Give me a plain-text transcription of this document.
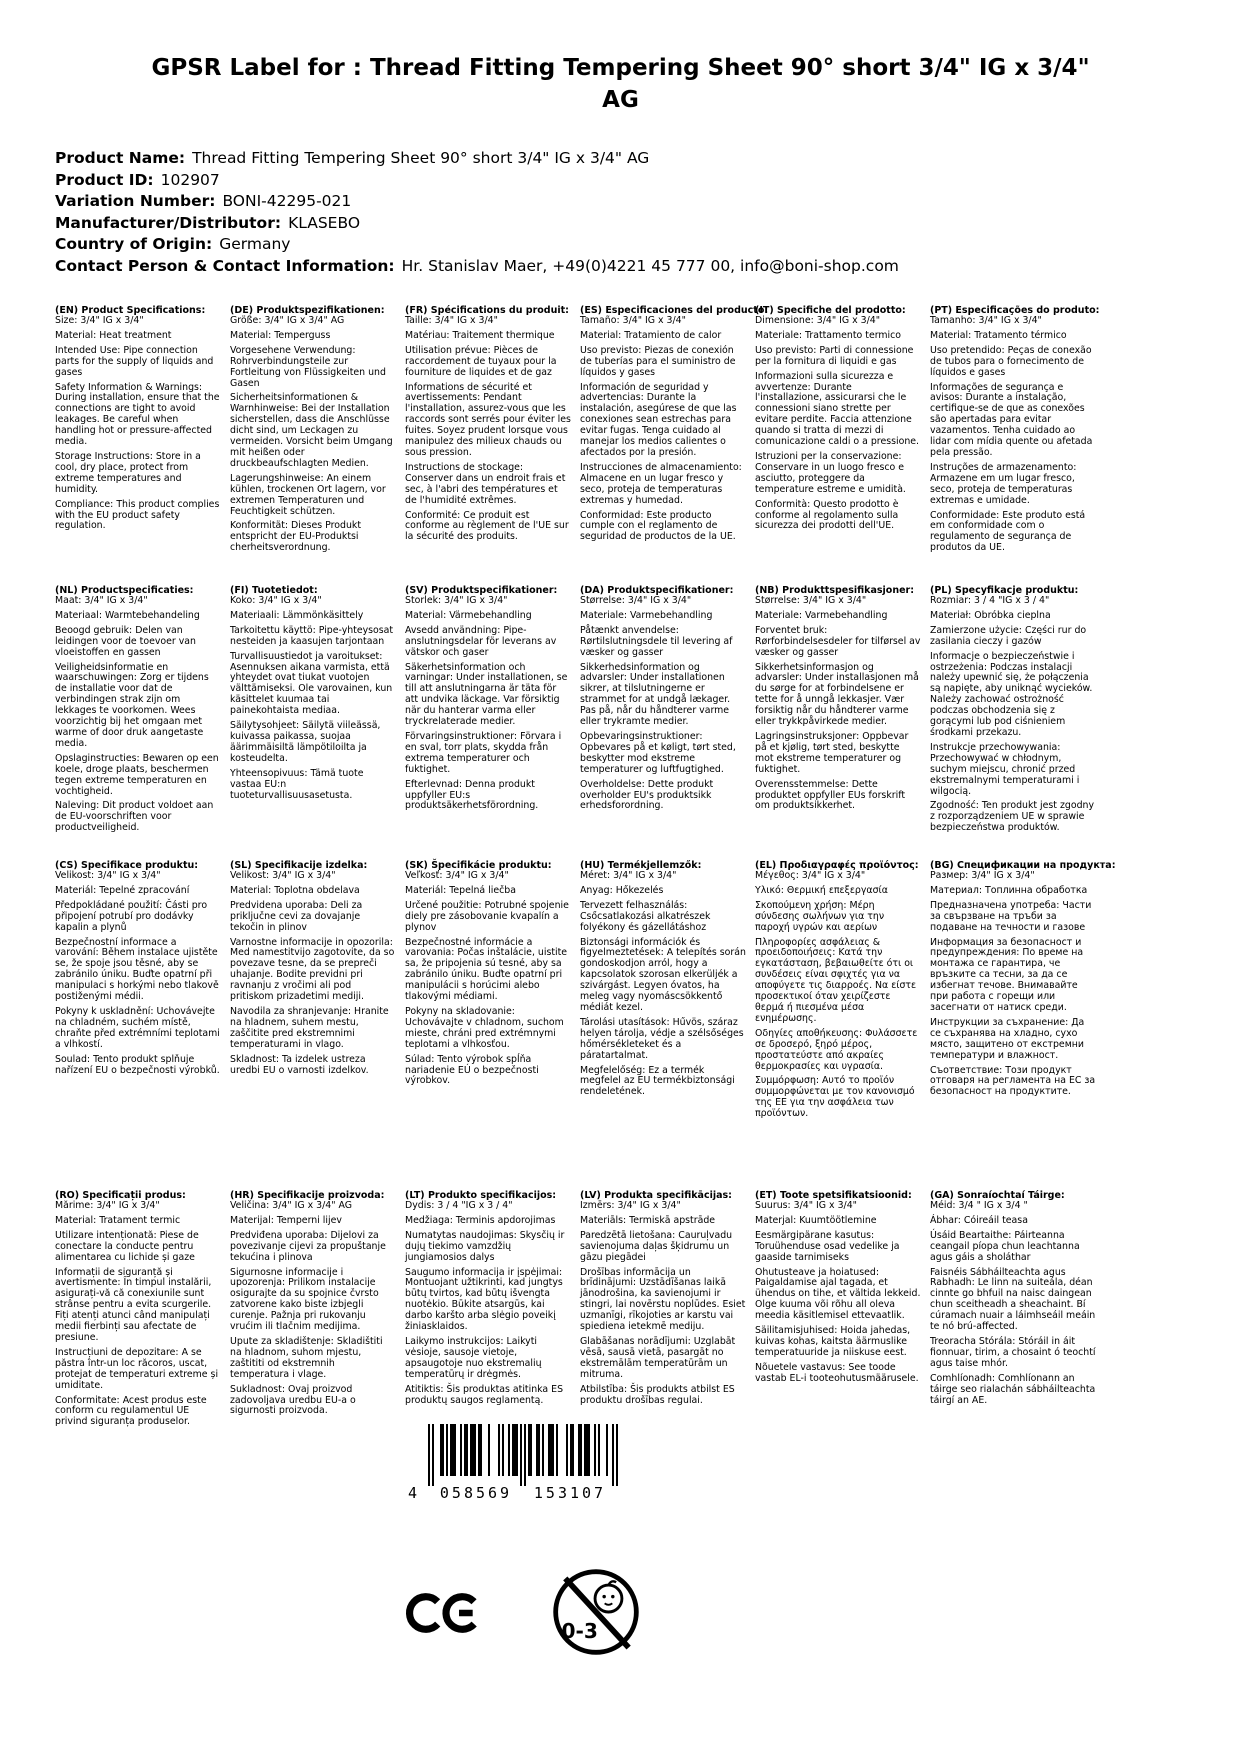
GPSR Label for : Thread Fitting Tempering Sheet 90° short 3/4" IG x 3/4" AG
Product Name: Thread Fitting Tempering Sheet 90° short 3/4" IG x 3/4" AG
Product ID: 102907
Variation Number: BONI-42295-021
Manufacturer/Distributor: KLASEBO
Country of Origin: Germany
Contact Person & Contact Information: Hr. Stanislav Maer, +49(0)4221 45 777 00, info@boni-shop.com
(EN) Product Specifications:

Size: 3/4" IG x 3/4"

Material: Heat treatment

Intended Use: Pipe connection parts for the supply of liquids and gases

Safety Information & Warnings: During installation, ensure that the connections are tight to avoid leakages. Be careful when handling hot or pressure-affected media.

Storage Instructions: Store in a cool, dry place, protect from extreme temperatures and humidity.

Compliance: This product complies with the EU product safety regulation.

(DE) Produktspezifikationen:

Größe: 3/4" IG x 3/4" AG

Material: Temperguss

Vorgesehene Verwendung: Rohrverbindungsteile zur Fortleitung von Flüssigkeiten und Gasen

Sicherheitsinformationen & Warnhinweise: Bei der Installation sicherstellen, dass die Anschlüsse dicht sind, um Leckagen zu vermeiden. Vorsicht beim Umgang mit heißen oder druckbeaufschlagten Medien.

Lagerungshinweise: An einem kühlen, trockenen Ort lagern, vor extremen Temperaturen und Feuchtigkeit schützen.

Konformität: Dieses Produkt entspricht der EU-Produktsi cherheitsverordnung.

(FR) Spécifications du produit:

Taille: 3/4" IG x 3/4"

Matériau: Traitement thermique

Utilisation prévue: Pièces de raccordement de tuyaux pour la fourniture de liquides et de gaz

Informations de sécurité et avertissements: Pendant l'installation, assurez-vous que les raccords sont serrés pour éviter les fuites. Soyez prudent lorsque vous manipulez des milieux chauds ou sous pression.

Instructions de stockage: Conserver dans un endroit frais et sec, à l'abri des températures et de l'humidité extrêmes.

Conformité: Ce produit est conforme au règlement de l'UE sur la sécurité des produits.

(ES) Especificaciones del producto:

Tamaño: 3/4" IG x 3/4"

Material: Tratamiento de calor

Uso previsto: Piezas de conexión de tuberías para el suministro de líquidos y gases

Información de seguridad y advertencias: Durante la instalación, asegúrese de que las conexiones sean estrechas para evitar fugas. Tenga cuidado al manejar los medios calientes o afectados por la presión.

Instrucciones de almacenamiento: Almacene en un lugar fresco y seco, proteja de temperaturas extremas y humedad.

Conformidad: Este producto cumple con el reglamento de seguridad de productos de la UE.

(IT) Specifiche del prodotto:

Dimensione: 3/4" IG x 3/4"

Materiale: Trattamento termico

Uso previsto: Parti di connessione per la fornitura di liquidi e gas

Informazioni sulla sicurezza e avvertenze: Durante l'installazione, assicurarsi che le connessioni siano strette per evitare perdite. Faccia attenzione quando si tratta di mezzi di comunicazione caldi o a pressione.

Istruzioni per la conservazione: Conservare in un luogo fresco e asciutto, proteggere da temperature estreme e umidità.

Conformità: Questo prodotto è conforme al regolamento sulla sicurezza dei prodotti dell'UE.

(PT) Especificações do produto:

Tamanho: 3/4" IG x 3/4"

Material: Tratamento térmico

Uso pretendido: Peças de conexão de tubos para o fornecimento de líquidos e gases

Informações de segurança e avisos: Durante a instalação, certifique-se de que as conexões são apertadas para evitar vazamentos. Tenha cuidado ao lidar com mídia quente ou afetada pela pressão.

Instruções de armazenamento: Armazene em um lugar fresco, seco, proteja de temperaturas extremas e umidade.

Conformidade: Este produto está em conformidade com o regulamento de segurança de produtos da UE.

(NL) Productspecificaties:

Maat: 3/4" IG x 3/4"

Materiaal: Warmtebehandeling

Beoogd gebruik: Delen van leidingen voor de toevoer van vloeistoffen en gassen

Veiligheidsinformatie en waarschuwingen: Zorg er tijdens de installatie voor dat de verbindingen strak zijn om lekkages te voorkomen. Wees voorzichtig bij het omgaan met warme of door druk aangetaste media.

Opslaginstructies: Bewaren op een koele, droge plaats, beschermen tegen extreme temperaturen en vochtigheid.

Naleving: Dit product voldoet aan de EU-voorschriften voor productveiligheid.

(FI) Tuotetiedot:

Koko: 3/4" IG x 3/4"

Materiaali: Lämmönkäsittely

Tarkoitettu käyttö: Pipe-yhteysosat nesteiden ja kaasujen tarjontaan

Turvallisuustiedot ja varoitukset: Asennuksen aikana varmista, että yhteydet ovat tiukat vuotojen välttämiseksi. Ole varovainen, kun käsittelet kuumaa tai painekohtaista mediaa.

Säilytysohjeet: Säilytä viileässä, kuivassa paikassa, suojaa äärimmäisiltä lämpötiloilta ja kosteudelta.

Yhteensopivuus: Tämä tuote vastaa EU:n tuoteturvallisuusasetusta.

(SV) Produktspecifikationer:

Storlek: 3/4" IG x 3/4"

Material: Värmebehandling

Avsedd användning: Pipe-anslutningsdelar för leverans av vätskor och gaser

Säkerhetsinformation och varningar: Under installationen, se till att anslutningarna är täta för att undvika läckage. Var försiktig när du hanterar varma eller tryckrelaterade medier.

Förvaringsinstruktioner: Förvara i en sval, torr plats, skydda från extrema temperaturer och fuktighet.

Efterlevnad: Denna produkt uppfyller EU:s produktsäkerhetsförordning.

(DA) Produktspecifikationer:

Størrelse: 3/4" IG x 3/4"

Materiale: Varmebehandling

Påtænkt anvendelse: Rørtilslutningsdele til levering af væsker og gasser

Sikkerhedsinformation og advarsler: Under installationen sikrer, at tilslutningerne er strammet for at undgå lækager. Pas på, når du håndterer varme eller trykramte medier.

Opbevaringsinstruktioner: Opbevares på et køligt, tørt sted, beskytter mod ekstreme temperaturer og luftfugtighed.

Overholdelse: Dette produkt overholder EU's produktsikk erhedsforordning.

(NB) Produkttspesifikasjoner:

Størrelse: 3/4" IG x 3/4"

Materiale: Varmebehandling

Forventet bruk: Rørforbindelsesdeler for tilførsel av væsker og gasser

Sikkerhetsinformasjon og advarsler: Under installasjonen må du sørge for at forbindelsene er tette for å unngå lekkasjer. Vær forsiktig når du håndterer varme eller trykkpåvirkede medier.

Lagringsinstruksjoner: Oppbevar på et kjølig, tørt sted, beskytte mot ekstreme temperaturer og fuktighet.

Overensstemmelse: Dette produktet oppfyller EUs forskrift om produktsikkerhet.

(PL) Specyfikacje produktu:

Rozmiar: 3 / 4 "IG x 3 / 4"

Materiał: Obróbka cieplna

Zamierzone użycie: Części rur do zasilania cieczy i gazów

Informacje o bezpieczeństwie i ostrzeżenia: Podczas instalacji należy upewnić się, że połączenia są napięte, aby uniknąć wycieków. Należy zachować ostrożność podczas obchodzenia się z gorącymi lub pod ciśnieniem środkami przekazu.

Instrukcje przechowywania: Przechowywać w chłodnym, suchym miejscu, chronić przed ekstremalnymi temperaturami i wilgocią.

Zgodność: Ten produkt jest zgodny z rozporządzeniem UE w sprawie bezpieczeństwa produktów.

(CS) Specifikace produktu:

Velikost: 3/4" IG x 3/4"

Materiál: Tepelné zpracování

Předpokládané použití: Části pro připojení potrubí pro dodávky kapalin a plynů

Bezpečnostní informace a varování: Během instalace ujistěte se, že spoje jsou těsné, aby se zabránilo úniku. Buďte opatrní při manipulaci s horkými nebo tlakově postiženými médii.

Pokyny k uskladnění: Uchovávejte na chladném, suchém místě, chraňte před extrémními teplotami a vlhkostí.

Soulad: Tento produkt splňuje nařízení EU o bezpečnosti výrobků.

(SL) Specifikacije izdelka:

Velikost: 3/4" IG x 3/4"

Material: Toplotna obdelava

Predvidena uporaba: Deli za priključne cevi za dovajanje tekočin in plinov

Varnostne informacije in opozorila: Med namestitvijo zagotovite, da so povezave tesne, da se prepreči uhajanje. Bodite previdni pri ravnanju z vročimi ali pod pritiskom prizadetimi mediji.

Navodila za shranjevanje: Hranite na hladnem, suhem mestu, zaščitite pred ekstremnimi temperaturami in vlago.

Skladnost: Ta izdelek ustreza uredbi EU o varnosti izdelkov.

(SK) Špecifikácie produktu:

Veľkosť: 3/4" IG x 3/4"

Materiál: Tepelná liečba

Určené použitie: Potrubné spojenie diely pre zásobovanie kvapalín a plynov

Bezpečnostné informácie a varovania: Počas inštalácie, uistite sa, že pripojenia sú tesné, aby sa zabránilo úniku. Buďte opatrní pri manipulácii s horúcimi alebo tlakovými médiami.

Pokyny na skladovanie: Uchovávajte v chladnom, suchom mieste, chráni pred extrémnymi teplotami a vlhkosťou.

Súlad: Tento výrobok spĺňa nariadenie EÚ o bezpečnosti výrobkov.

(HU) Termékjellemzők:

Méret: 3/4" IG x 3/4"

Anyag: Hőkezelés

Tervezett felhasználás: Csőcsatlakozási alkatrészek folyékony és gázellátáshoz

Biztonsági információk és figyelmeztetések: A telepítés során gondoskodjon arról, hogy a kapcsolatok szorosan elkerüljék a szivárgást. Legyen óvatos, ha meleg vagy nyomáscsökkentő médiát kezel.

Tárolási utasítások: Hűvös, száraz helyen tárolja, védje a szélsőséges hőmérsékleteket és a páratartalmat.

Megfelelőség: Ez a termék megfelel az EU termékbiztonsági rendeletének.

(EL) Προδιαγραφές προϊόντος:

Μέγεθος: 3/4" IG x 3/4"

Υλικό: Θερμική επεξεργασία

Σκοπούμενη χρήση: Μέρη σύνδεσης σωλήνων για την παροχή υγρών και αερίων

Πληροφορίες ασφάλειας & προειδοποιήσεις: Κατά την εγκατάσταση, βεβαιωθείτε ότι οι συνδέσεις είναι σφιχτές για να αποφύγετε τις διαρροές. Να είστε προσεκτικοί όταν χειρίζεστε θερμά ή πιεσμένα μέσα ενημέρωσης.

Οδηγίες αποθήκευσης: Φυλάσσετε σε δροσερό, ξηρό μέρος, προστατεύστε από ακραίες θερμοκρασίες και υγρασία.

Συμμόρφωση: Αυτό το προϊόν συμμορφώνεται με τον κανονισμό της ΕΕ για την ασφάλεια των προϊόντων.

(BG) Спецификации на продукта:

Размер: 3/4" IG x 3/4"

Материал: Топлинна обработка

Предназначена употреба: Части за свързване на тръби за подаване на течности и газове

Информация за безопасност и предупреждения: По време на монтажа се гарантира, че връзките са тесни, за да се избегнат течове. Внимавайте при работа с горещи или засегнати от натиск среди.

Инструкции за съхранение: Да се съхранява на хладно, сухо място, защитено от екстремни температури и влажност.

Съответствие: Този продукт отговаря на регламента на ЕС за безопасност на продуктите.

(RO) Specificații produs:

Mărime: 3/4" IG x 3/4"

Material: Tratament termic

Utilizare intenționată: Piese de conectare la conducte pentru alimentarea cu lichide și gaze

Informații de siguranță și avertismente: În timpul instalării, asigurați-vă că conexiunile sunt strânse pentru a evita scurgerile. Fiți atenți atunci când manipulați medii fierbinți sau afectate de presiune.

Instrucțiuni de depozitare: A se păstra într-un loc răcoros, uscat, protejat de temperaturi extreme și umiditate.

Conformitate: Acest produs este conform cu regulamentul UE privind siguranța produselor.

(HR) Specifikacije proizvoda:

Veličina: 3/4" IG x 3/4" AG

Materijal: Temperni lijev

Predviđena uporaba: Dijelovi za povezivanje cijevi za propuštanje tekućina i plinova

Sigurnosne informacije i upozorenja: Prilikom instalacije osigurajte da su spojnice čvrsto zatvorene kako biste izbjegli curenje. Pažnja pri rukovanju vrućim ili tlačnim medijima.

Upute za skladištenje: Skladištiti na hladnom, suhom mjestu, zaštititi od ekstremnih temperatura i vlage.

Sukladnost: Ovaj proizvod zadovoljava uredbu EU-a o sigurnosti proizvoda.

(LT) Produkto specifikacijos:

Dydis: 3 / 4 "IG x 3 / 4"

Medžiaga: Terminis apdorojimas

Numatytas naudojimas: Skysčių ir dujų tiekimo vamzdžių jungiamosios dalys

Saugumo informacija ir įspėjimai: Montuojant užtikrinti, kad jungtys būtų tvirtos, kad būtų išvengta nuotėkio. Būkite atsargūs, kai darbo karšto arba slėgio poveikį žiniasklaidos.

Laikymo instrukcijos: Laikyti vėsioje, sausoje vietoje, apsaugotoje nuo ekstremalių temperatūrų ir drėgmės.

Atitiktis: Šis produktas atitinka ES produktų saugos reglamentą.

(LV) Produkta specifikācijas:

Izmērs: 3/4" IG x 3/4"

Materiāls: Termiskā apstrāde

Paredzētā lietošana: Cauruļvadu savienojuma daļas šķidrumu un gāzu piegādei

Drošības informācija un brīdinājumi: Uzstādīšanas laikā jānodrošina, ka savienojumi ir stingri, lai novērstu noplūdes. Esiet uzmanīgi, rīkojoties ar karstu vai spiediena ietekmē mediju.

Glabāšanas norādījumi: Uzglabāt vēsā, sausā vietā, pasargāt no ekstremālām temperatūrām un mitruma.

Atbilstība: Šis produkts atbilst ES produktu drošības regulai.

(ET) Toote spetsifikatsioonid:

Suurus: 3/4" IG x 3/4"

Materjal: Kuumtöötlemine

Eesmärgipärane kasutus: Toruühenduse osad vedelike ja gaaside tarnimiseks

Ohutusteave ja hoiatused: Paigaldamise ajal tagada, et ühendus on tihe, et vältida lekkeid. Olge kuuma või rõhu all oleva meedia käsitlemisel ettevaatlik.

Säilitamisjuhised: Hoida jahedas, kuivas kohas, kaitsta äärmuslike temperatuuride ja niiskuse eest.

Nõuetele vastavus: See toode vastab EL-i tooteohutusmäärusele.

(GA) Sonraíochtaí Táirge:

Méid: 3/4 " IG x 3/4 "

Ábhar: Cóireáil teasa

Úsáid Beartaithe: Páirteanna ceangail píopa chun leachtanna agus gáis a sholáthar

Faisnéis Sábháilteachta agus Rabhadh: Le linn na suiteála, déan cinnte go bhfuil na naisc daingean chun sceitheadh a sheachaint. Bí cúramach nuair a láimhseáil meáin te nó brú-affected.

Treoracha Stórála: Stóráil in áit fionnuar, tirim, a chosaint ó teochtí agus taise mhór.

Comhlíonadh: Comhlíonann an táirge seo rialachán sábháilteachta táirgí an AE.

4 058569 153107
0-3
